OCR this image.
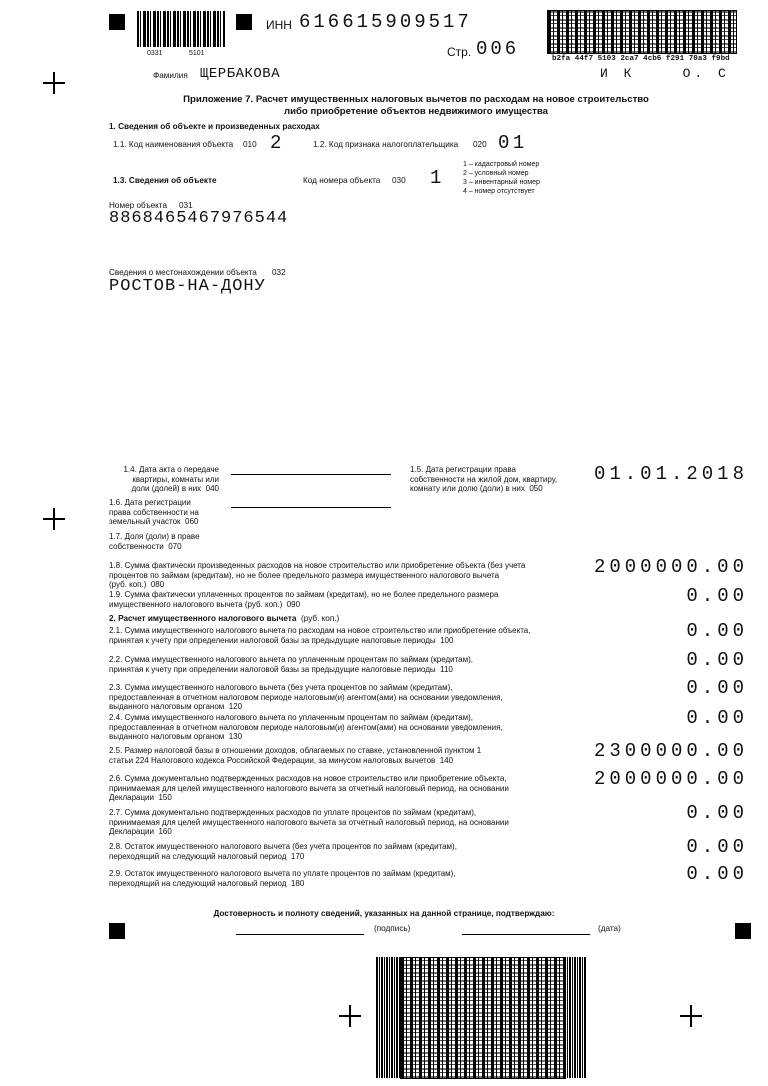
0331	5101
ИНН 616615909517
Стр. 006	b2fa 44f7 5103 2ca7 4cb6 f291 70a3 f9bd
И К    О. С
Фамилия ЩЕРБАКОВА
Приложение 7. Расчет имущественных налоговых вычетов по расходам на новое строительство
либо приобретение объектов недвижимого имущества
1. Сведения об объекте и произведенных расходах
1.1. Код наименования объекта 010 2	1.2. Код признака налогоплательщика 020 01
1.3. Сведения об объекте	Код номера объекта 030 1
1 – кадастровый номер
2 – условный номер
3 – инвентарный номер
4 – номер отсутствует
Номер объекта 031
8868465467976544
Сведения о местонахождении объекта 032
РОСТОВ-НА-ДОНУ
1.4. Дата акта о передаче
квартиры, комнаты или
доли (долей) в них 040
1.5. Дата регистрации права
собственности на жилой дом, квартиру,
комнату или долю (доли) в них 050
01.01.2018
1.6. Дата регистрации
права собственности на
земельный участок 060
1.7. Доля (доли) в праве
собственности 070
1.8. Сумма фактически произведенных расходов на новое строительство или приобретение объекта (без учета
процентов по займам (кредитам), но не более предельного размера имущественного налогового вычета
(руб. коп.) 080
2000000.00
1.9. Сумма фактически уплаченных процентов по займам (кредитам), но не более предельного размера
имущественного налогового вычета (руб. коп.) 090	0.00
2. Расчет имущественного налогового вычета (руб. коп.)
2.1. Сумма имущественного налогового вычета по расходам на новое строительство или приобретение объекта,
принятая к учету при определении налоговой базы за предыдущие налоговые периоды 100	0.00
2.2. Сумма имущественного налогового вычета по уплаченным процентам по займам (кредитам),
принятая к учету при определении налоговой базы за предыдущие налоговые периоды 110	0.00
2.3. Сумма имущественного налогового вычета (без учета процентов по займам (кредитам),
предоставленная в отчетном налоговом периоде налоговым(и) агентом(ами) на основании уведомления,
выданного налоговым органом 120
0.00
2.4. Сумма имущественного налогового вычета по уплаченным процентам по займам (кредитам),
предоставленная в отчетном налоговом периоде налоговым(и) агентом(ами) на основании уведомления,
выданного налоговым органом 130
0.00
2.5. Размер налоговой базы в отношении доходов, облагаемых по ставке, установленной пунктом 1
статьи 224 Налогового кодекса Российской Федерации, за минусом налоговых вычетов 140	2300000.00
2.6. Сумма документально подтвержденных расходов на новое строительство или приобретение объекта,
принимаемая для целей имущественного налогового вычета за отчетный налоговый период, на основании
Декларации 150
2000000.00
2.7. Сумма документально подтвержденных расходов по уплате процентов по займам (кредитам),
принимаемая для целей имущественного налогового вычета за отчетный налоговый период, на основании
Декларации 160
0.00
2.8. Остаток имущественного налогового вычета (без учета процентов по займам (кредитам),
переходящий на следующий налоговый период 170	0.00
2.9. Остаток имущественного налогового вычета по уплате процентов по займам (кредитам),
переходящий на следующий налоговый период 180	0.00
Достоверность и полноту сведений, указанных на данной странице, подтверждаю:
(подпись)	(дата)
